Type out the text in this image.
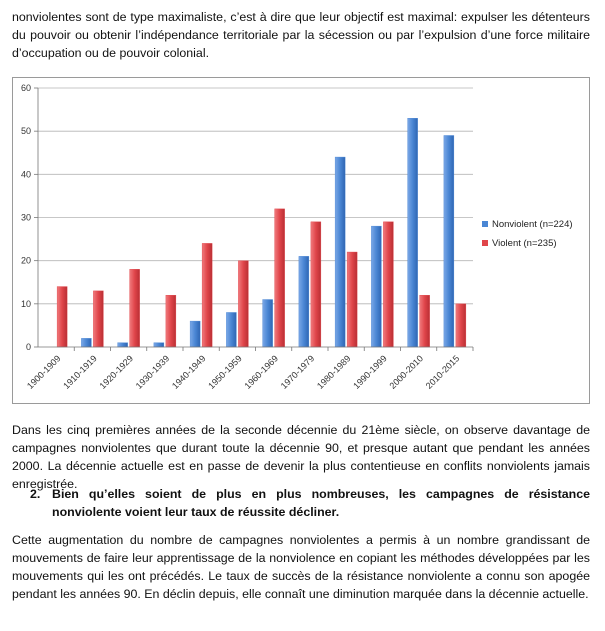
nonviolentes sont de type maximaliste, c’est à dire que leur objectif est maximal: expulser les détenteurs du pouvoir ou obtenir l’indépendance territoriale par la sécession ou par l’expulsion d’une force militaire d’occupation ou de pouvoir colonial.

0
10
20
30
40
50
60
1900-1909
1910-1919
1920-1929
1930-1939
1940-1949
1950-1959
1960-1969
1970-1979
1980-1989
1990-1999
2000-2010
2010-2015
Nonviolent (n=224)
Violent (n=235)

Dans les cinq premières années de la seconde décennie du 21ème siècle, on observe davantage de campagnes nonviolentes que durant toute la décennie 90, et presque autant que pendant les années 2000. La décennie actuelle est en passe de devenir la plus contentieuse en conflits nonviolents jamais enregistrée.

2. Bien qu’elles soient de plus en plus nombreuses, les campagnes de résistance nonviolente voient leur taux de réussite décliner.

Cette augmentation du nombre de campagnes nonviolentes a permis à un nombre grandissant de mouvements de faire leur apprentissage de la nonviolence en copiant les méthodes développées par les mouvements qui les ont précédés. Le taux de succès de la résistance nonviolente a connu son apogée pendant les années 90. En déclin depuis, elle connaît une diminution marquée dans la décennie actuelle.
